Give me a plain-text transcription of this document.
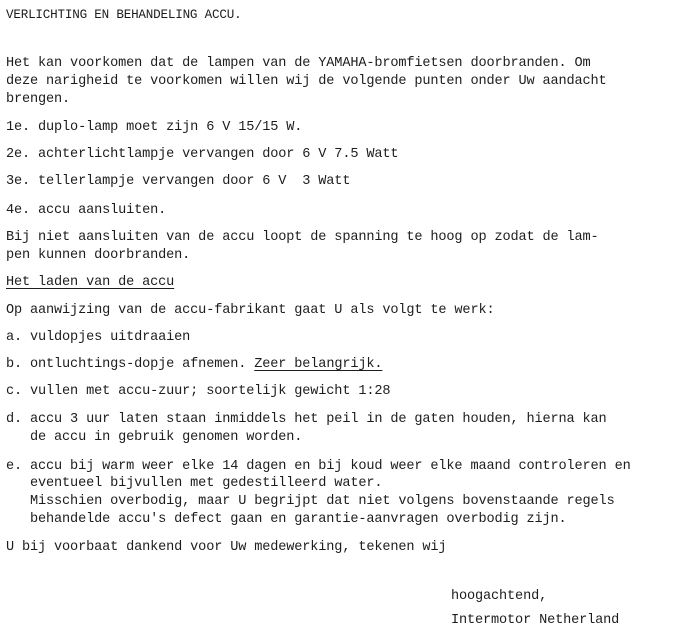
VERLICHTING EN BEHANDELING ACCU.
Het kan voorkomen dat de lampen van de YAMAHA-bromfietsen doorbranden. Om
deze narigheid te voorkomen willen wij de volgende punten onder Uw aandacht
brengen.
1e. duplo-lamp moet zijn 6 V 15/15 W.
2e. achterlichtlampje vervangen door 6 V 7.5 Watt
3e. tellerlampje vervangen door 6 V  3 Watt
4e. accu aansluiten.
Bij niet aansluiten van de accu loopt de spanning te hoog op zodat de lam-
pen kunnen doorbranden.
Het laden van de accu
Op aanwijzing van de accu-fabrikant gaat U als volgt te werk:
a. vuldopjes uitdraaien
b. ontluchtings-dopje afnemen. Zeer belangrijk.
c. vullen met accu-zuur; soortelijk gewicht 1:28
d. accu 3 uur laten staan inmiddels het peil in de gaten houden, hierna kan
de accu in gebruik genomen worden.
e. accu bij warm weer elke 14 dagen en bij koud weer elke maand controleren en
eventueel bijvullen met gedestilleerd water.
Misschien overbodig, maar U begrijpt dat niet volgens bovenstaande regels
behandelde accu's defect gaan en garantie-aanvragen overbodig zijn.
U bij voorbaat dankend voor Uw medewerking, tekenen wij
hoogachtend,
Intermotor Netherland
